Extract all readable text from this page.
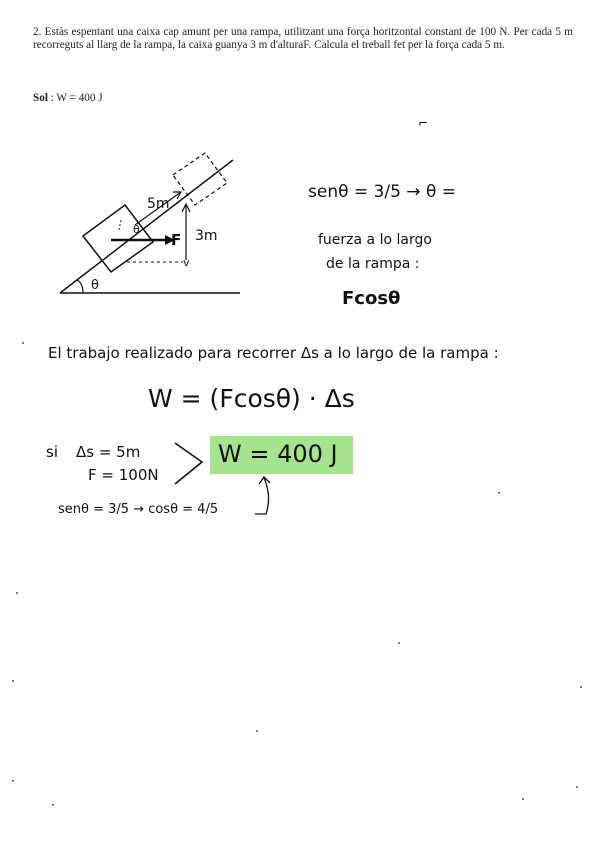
2. Estàs espentant una caixa cap amunt per una rampa, utilitzant una força horitzontal constant de 100 N. Per cada 5 m recorreguts al llarg de la rampa, la caixa guanya 3 m d'alturaF. Calcula el treball fet per la força cada 5 m.
Sol : W = 400 J
5m
3m
F
θ
θ
v
⌐
senθ = 3/5 → θ =
fuerza a lo largo
de la rampa :
Fcosθ
El trabajo realizado para recorrer Δs a lo largo de la rampa :
W = (Fcosθ) · Δs
si Δs = 5m
F = 100N
W = 400 J
senθ = 3/5 → cosθ = 4/5
